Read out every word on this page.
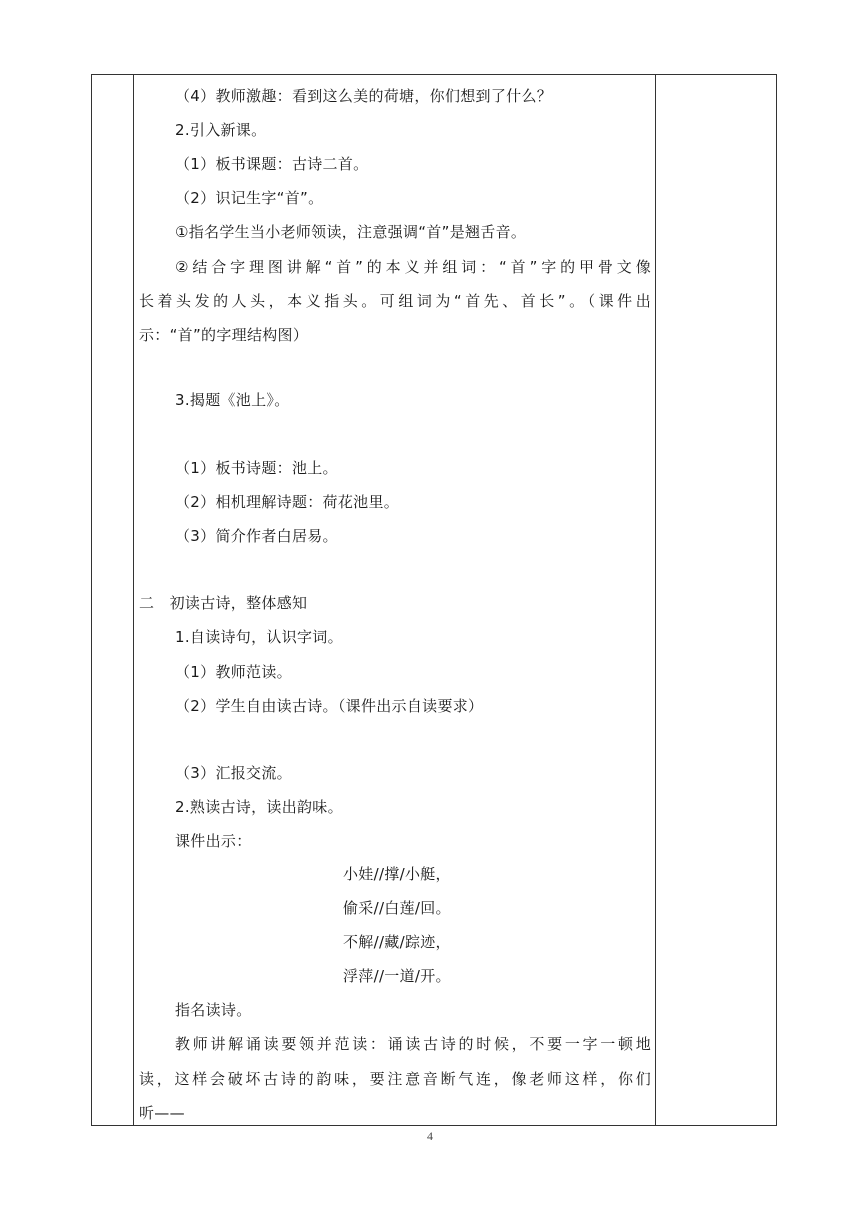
（4）教师激趣：看到这么美的荷塘，你们想到了什么？
2.引入新课。
（1）板书课题：古诗二首。
（2）识记生字“首”。
①指名学生当小老师领读，注意强调“首”是翘舌音。
②结合字理图讲解“首”的本义并组词：“首”字的甲骨文像
长着头发的人头，本义指头。可组词为“首先、首长”。（课件出
示：“首”的字理结构图）
3.揭题《池上》。
（1）板书诗题：池上。
（2）相机理解诗题：荷花池里。
（3）简介作者白居易。
二　初读古诗，整体感知
1.自读诗句，认识字词。
（1）教师范读。
（2）学生自由读古诗。（课件出示自读要求）
（3）汇报交流。
2.熟读古诗，读出韵味。
课件出示：
小娃//撑/小艇，
偷采//白莲/回。
不解//藏/踪迹，
浮萍//一道/开。
指名读诗。
教师讲解诵读要领并范读：诵读古诗的时候，不要一字一顿地
读，这样会破坏古诗的韵味，要注意音断气连，像老师这样，你们
听——
4
